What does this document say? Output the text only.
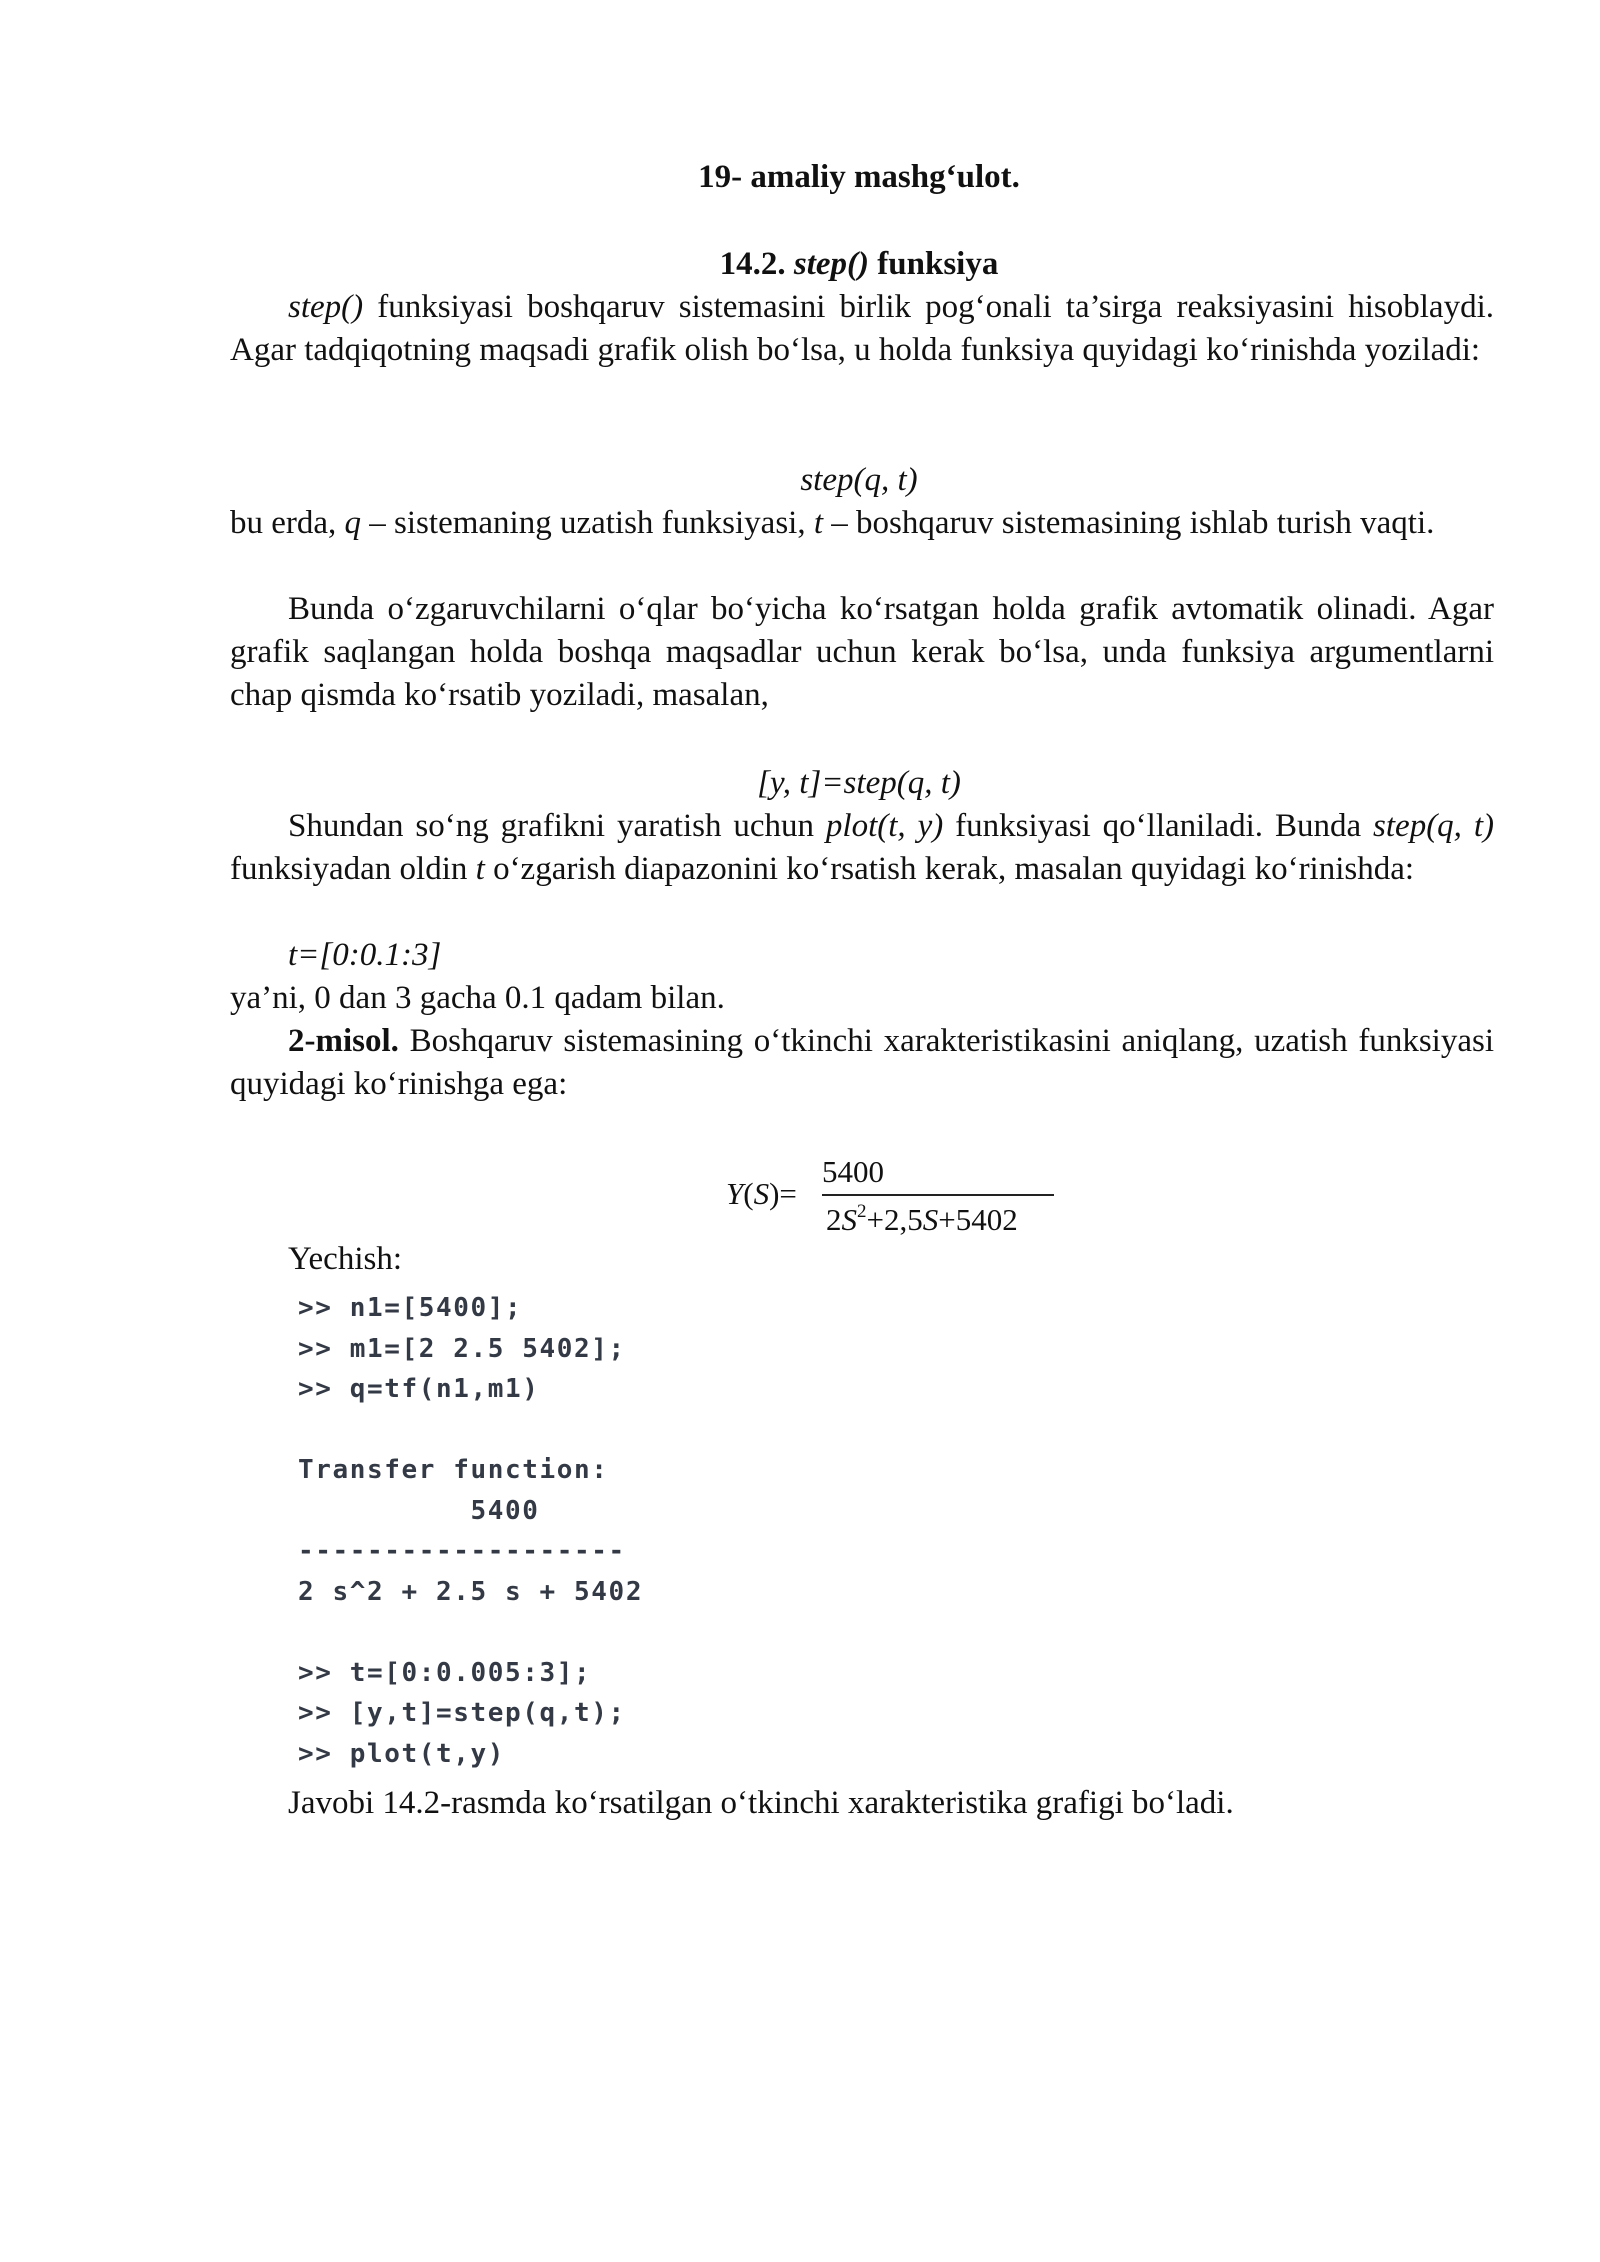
19- amaliy mashg‘ulot.
14.2. step() funksiya

step() funksiyasi boshqaruv sistemasini birlik pog‘onali ta’sirga reaksiyasini hisoblaydi. Agar tadqiqotning maqsadi grafik olish bo‘lsa, u holda funksiya quyidagi ko‘rinishda yoziladi:

step(q, t)

bu erda, q – sistemaning uzatish funksiyasi, t – boshqaruv sistemasining ishlab turish vaqti.

Bunda o‘zgaruvchilarni o‘qlar bo‘yicha ko‘rsatgan holda grafik avtomatik olinadi. Agar grafik saqlangan holda boshqa maqsadlar uchun kerak bo‘lsa, unda funksiya argumentlarni chap qismda ko‘rsatib yoziladi, masalan,

[y, t]=step(q, t)

Shundan so‘ng grafikni yaratish uchun plot(t, y) funksiyasi qo‘llaniladi. Bunda step(q, t) funksiyadan oldin t o‘zgarish diapazonini ko‘rsatish kerak, masalan quyidagi ko‘rinishda:

t=[0:0.1:3]

ya’ni, 0 dan 3 gacha 0.1 qadam bilan.

2-misol. Boshqaruv sistemasining o‘tkinchi xarakteristikasini aniqlang, uzatish funksiyasi quyidagi ko‘rinishga ega:

Y(S)=
5400
$2S^2+2,5S+5402$

Yechish:

>> n1=[5400];
>> m1=[2 2.5 5402];
>> q=tf(n1,m1)
Transfer function:
5400
-------------------
2 s^2 + 2.5 s + 5402
>> t=[0:0.005:3];
>> [y,t]=step(q,t);
>> plot(t,y)

Javobi 14.2-rasmda ko‘rsatilgan o‘tkinchi xarakteristika grafigi bo‘ladi.
